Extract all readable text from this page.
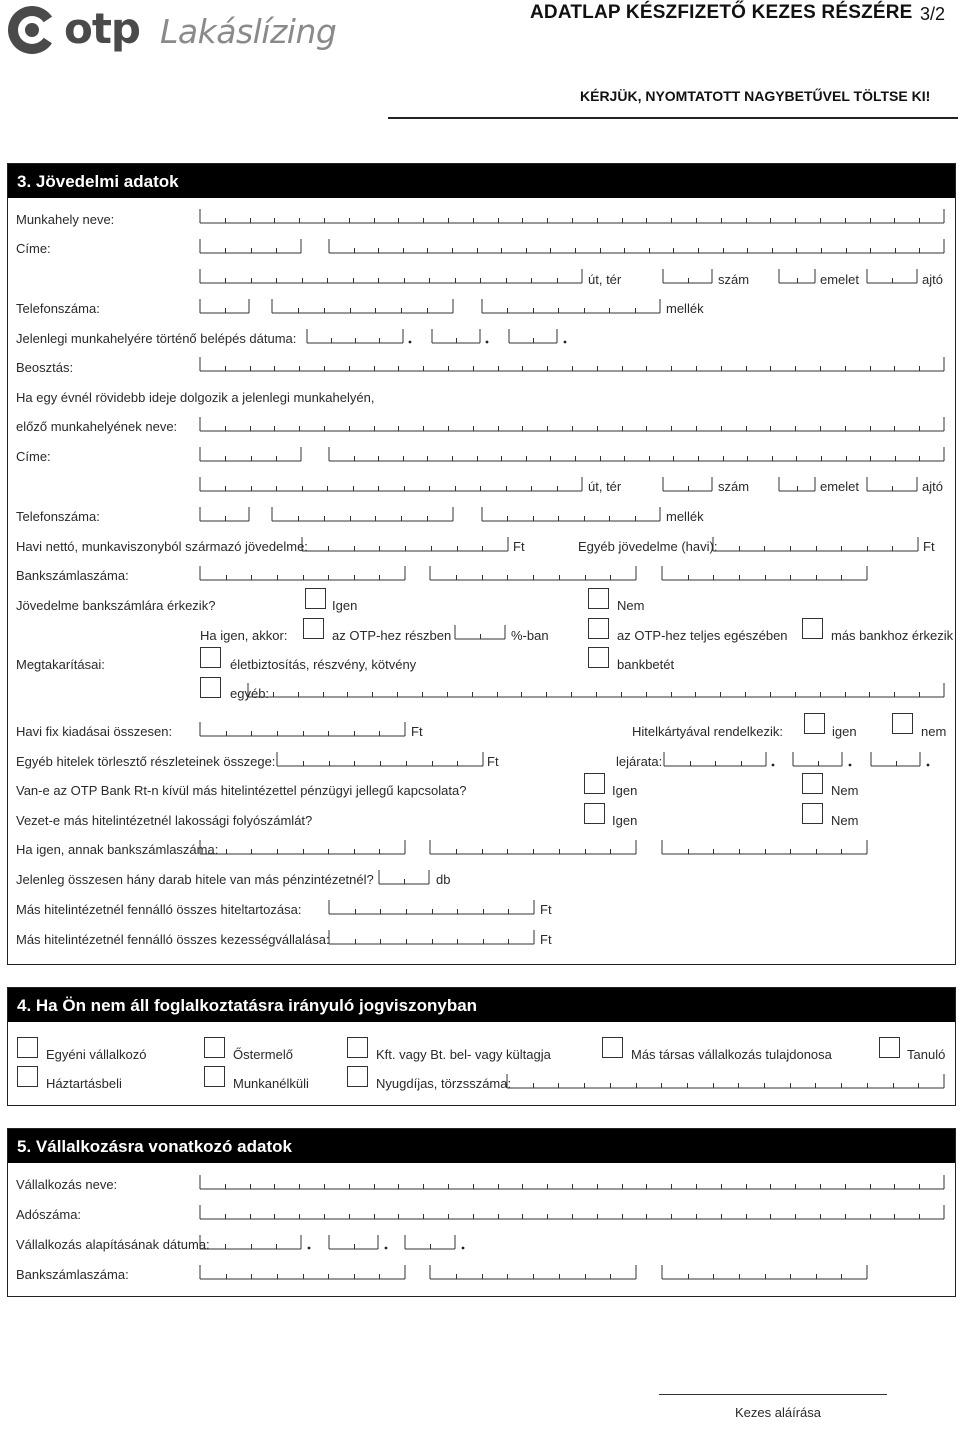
otp Lakáslízing	ADATLAP KÉSZFIZETŐ KEZES RÉSZÉRE 3/2
KÉRJÜK, NYOMTATOTT NAGYBETŰVEL TÖLTSE KI!
3. Jövedelmi adatok
Munkahely neve:
Címe:
út, tér	szám	emelet	ajtó
Telefonszáma:	mellék
Jelenlegi munkahelyére történő belépés dátuma:
Beosztás:
Ha egy évnél rövidebb ideje dolgozik a jelenlegi munkahelyén,
előző munkahelyének neve:
Címe:
út, tér	szám	emelet	ajtó
Telefonszáma:	mellék
Havi nettó, munkaviszonyból származó jövedelme:	Ft	Egyéb jövedelme (havi):	Ft
Bankszámlaszáma:
Jövedelme bankszámlára érkezik?	Igen	Nem
Ha igen, akkor:	az OTP-hez részben	%-ban	az OTP-hez teljes egészében	más bankhoz érkezik
Megtakarításai:	életbiztosítás, részvény, kötvény	bankbetét
egyéb:
Havi fix kiadásai összesen:	Ft	Hitelkártyával rendelkezik:	igen	nem
Egyéb hitelek törlesztő részleteinek összege:	Ft	lejárata:
Van-e az OTP Bank Rt-n kívül más hitelintézettel pénzügyi jellegű kapcsolata?	Igen	Nem
Vezet-e más hitelintézetnél lakossági folyószámlát?	Igen	Nem
Ha igen, annak bankszámlaszáma:
Jelenleg összesen hány darab hitele van más pénzintézetnél?	db
Más hitelintézetnél fennálló összes hiteltartozása:	Ft
Más hitelintézetnél fennálló összes kezességvállalása:	Ft
4. Ha Ön nem áll foglalkoztatásra irányuló jogviszonyban
Egyéni vállalkozó	Őstermelő	Kft. vagy Bt. bel- vagy kültagja	Más társas vállalkozás tulajdonosa	Tanuló
Háztartásbeli	Munkanélküli	Nyugdíjas, törzsszáma:
5. Vállalkozásra vonatkozó adatok
Vállalkozás neve:
Adószáma:
Vállalkozás alapításának dátuma:
Bankszámlaszáma:
Kezes aláírása
